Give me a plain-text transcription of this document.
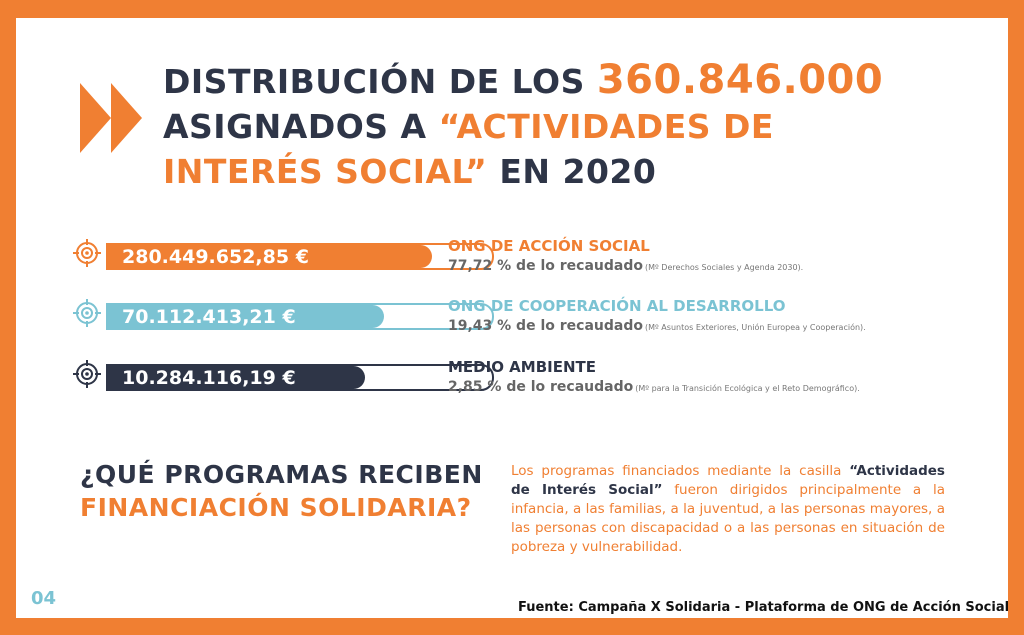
DISTRIBUCIÓN DE LOS 360.846.000
ASIGNADOS A “ACTIVIDADES DE INTERÉS SOCIAL” EN 2020
280.449.652,85 €	ONG DE ACCIÓN SOCIAL
77,72 % de lo recaudado (Mº Derechos Sociales y Agenda 2030).
70.112.413,21 €	ONG DE COOPERACIÓN AL DESARROLLO
19,43 % de lo recaudado (Mº Asuntos Exteriores, Unión Europea y Cooperación).
10.284.116,19 €	MEDIO AMBIENTE
2,85 % de lo recaudado (Mº para la Transición Ecológica y el Reto Demográfico).
¿QUÉ PROGRAMAS RECIBEN
FINANCIACIÓN SOLIDARIA?
Los programas financiados mediante la casilla “Actividades de Interés Social” fueron dirigidos principalmente a la infancia, a las familias, a la juventud, a las personas mayores, a las personas con discapacidad o a las personas en situación de pobreza y vulnerabilidad.
04	Fuente: Campaña X Solidaria - Plataforma de ONG de Acción Social
